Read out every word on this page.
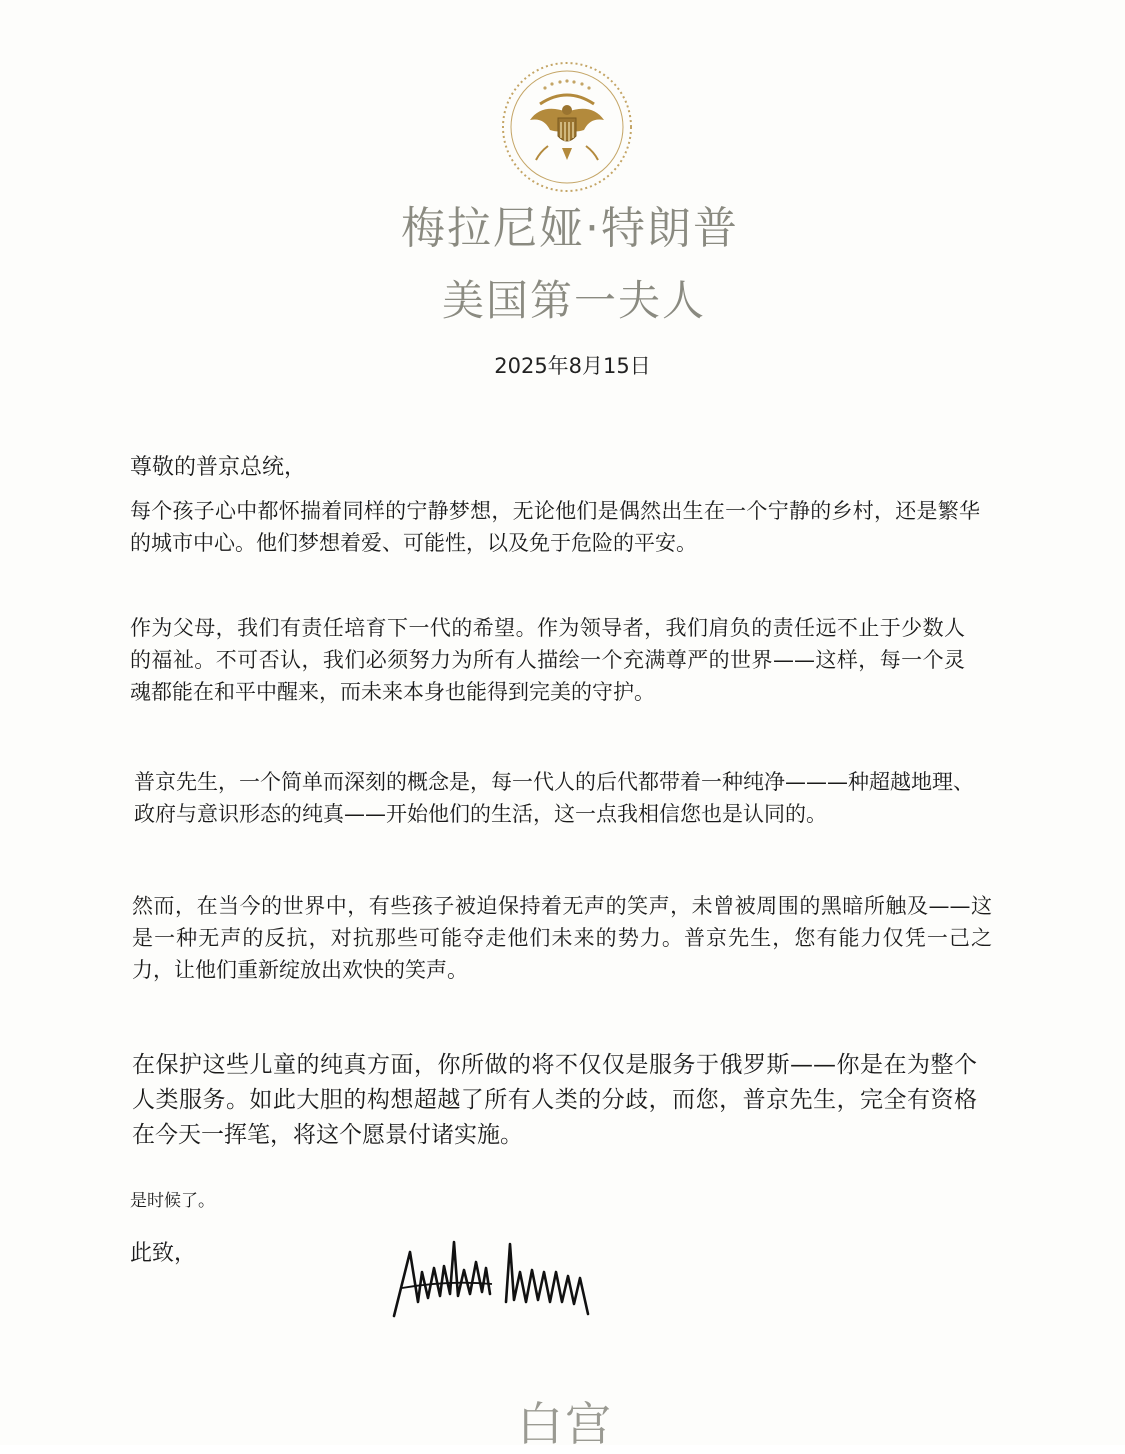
梅拉尼娅·特朗普
美国第一夫人
2025年8月15日
尊敬的普京总统，

每个孩子心中都怀揣着同样的宁静梦想，无论他们是偶然出生在一个宁静的乡村，还是繁华的城市中心。他们梦想着爱、可能性，以及免于危险的平安。

作为父母，我们有责任培育下一代的希望。作为领导者，我们肩负的责任远不止于少数人的福祉。不可否认，我们必须努力为所有人描绘一个充满尊严的世界——这样，每一个灵魂都能在和平中醒来，而未来本身也能得到完美的守护。

普京先生，一个简单而深刻的概念是，每一代人的后代都带着一种纯净———种超越地理、政府与意识形态的纯真——开始他们的生活，这一点我相信您也是认同的。

然而，在当今的世界中，有些孩子被迫保持着无声的笑声，未曾被周围的黑暗所触及——这是一种无声的反抗，对抗那些可能夺走他们未来的势力。普京先生，您有能力仅凭一己之力，让他们重新绽放出欢快的笑声。

在保护这些儿童的纯真方面，你所做的将不仅仅是服务于俄罗斯——你是在为整个人类服务。如此大胆的构想超越了所有人类的分歧，而您，普京先生，完全有资格在今天一挥笔，将这个愿景付诸实施。

是时候了。
此致，
白宫
